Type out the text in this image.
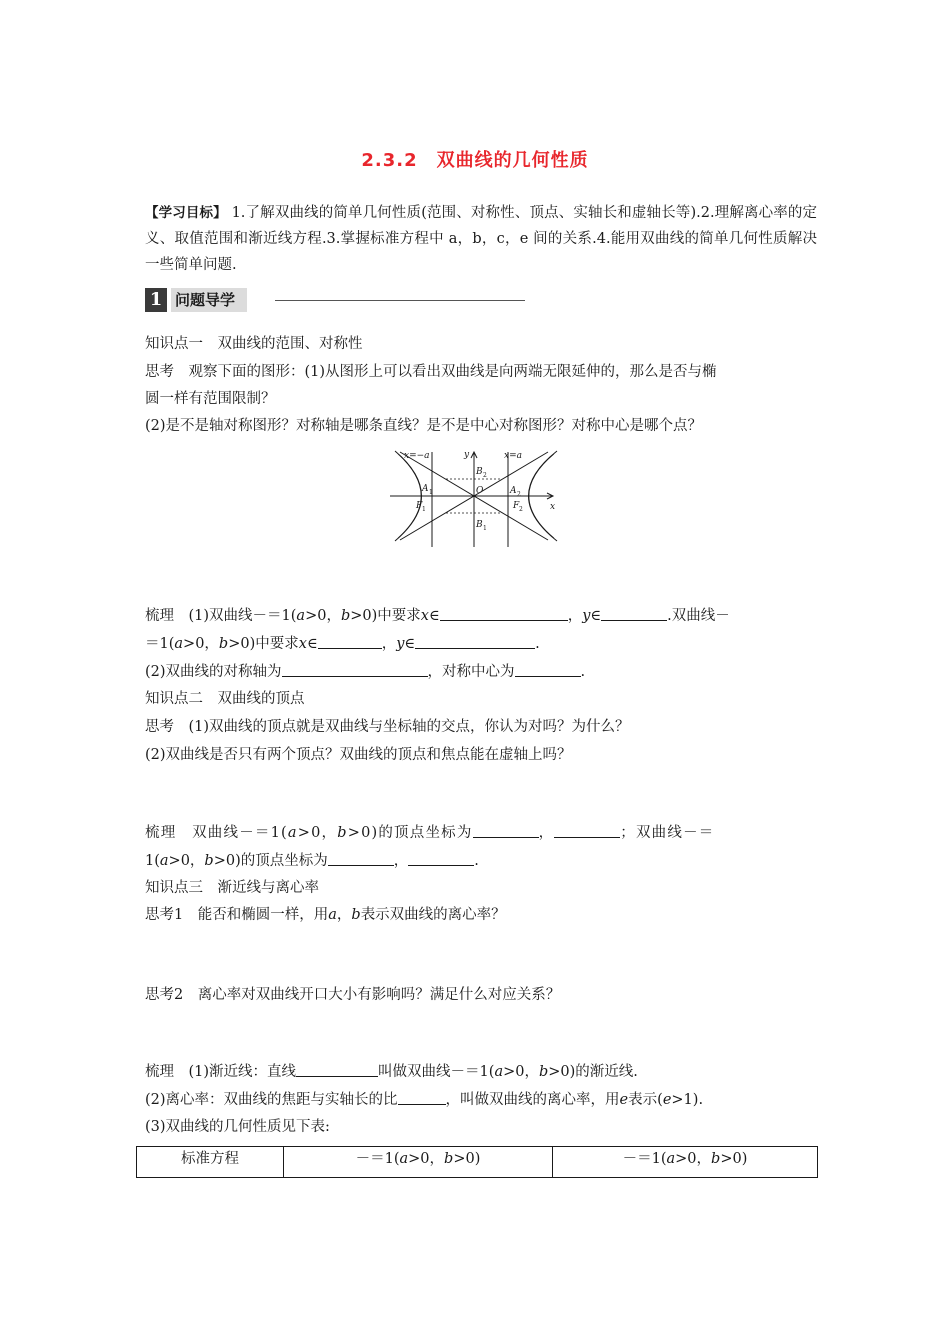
2.3.2　双曲线的几何性质
【学习目标】 1.了解双曲线的简单几何性质(范围、对称性、顶点、实轴长和虚轴长等).2.理解离心率的定义、取值范围和渐近线方程.3.掌握标准方程中 a，b，c，e 间的关系.4.能用双曲线的简单几何性质解决一些简单问题.
1 问题导学
知识点一　双曲线的范围、对称性
思考　观察下面的图形：(1)从图形上可以看出双曲线是向两端无限延伸的，那么是否与椭
圆一样有范围限制？
(2)是不是轴对称图形？对称轴是哪条直线？是不是中心对称图形？对称中心是哪个点？
x=−a	x=a
y
x
O
B 2
B 1
A 1	A 2
F 1	F 2
梳理　(1)双曲线－＝1(a>0，b>0)中要求x∈	，y∈	.双曲线－
＝1(a>0，b>0)中要求x∈	，y∈	.
(2)双曲线的对称轴为	，对称中心为	.
知识点二　双曲线的顶点
思考　(1)双曲线的顶点就是双曲线与坐标轴的交点，你认为对吗？为什么？
(2)双曲线是否只有两个顶点？双曲线的顶点和焦点能在虚轴上吗？
梳理　双曲线－＝1(a>0，b>0)的顶点坐标为	，	；双曲线－＝
1(a>0，b>0)的顶点坐标为	，	.
知识点三　渐近线与离心率
思考1　能否和椭圆一样，用a，b表示双曲线的离心率？
思考2　离心率对双曲线开口大小有影响吗？满足什么对应关系？
梳理　(1)渐近线：直线	叫做双曲线－＝1(a>0，b>0)的渐近线.
(2)离心率：双曲线的焦距与实轴长的比	，叫做双曲线的离心率，用e表示(e>1).
(3)双曲线的几何性质见下表:
标准方程	－＝1(a>0，b>0)	－＝1(a>0，b>0)
